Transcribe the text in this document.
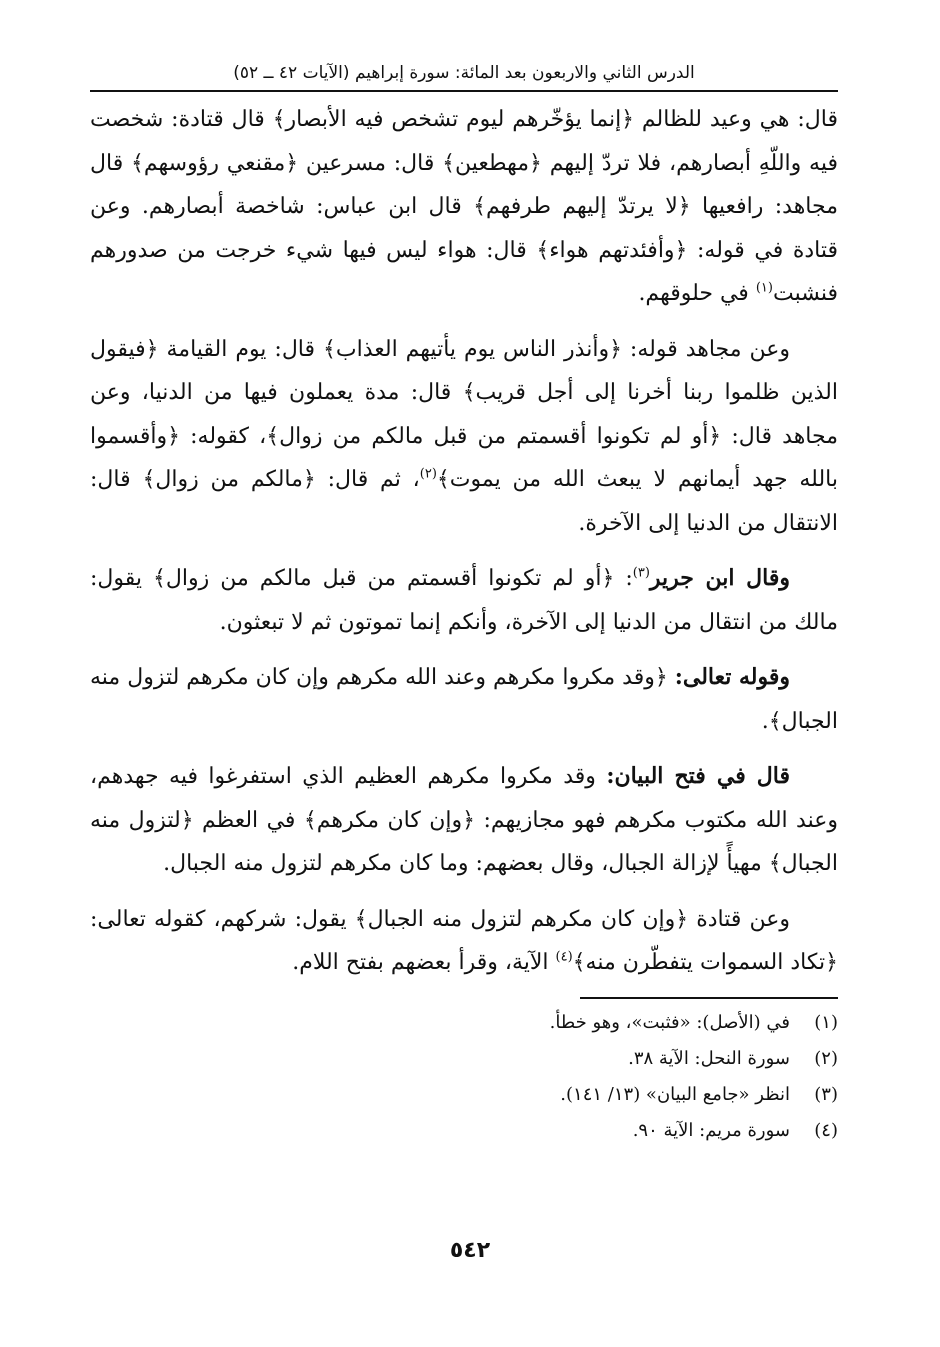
الدرس الثاني والاربعون بعد المائة: سورة إبراهيم (الآيات ٤٢ ــ ٥٢)

قال: هي وعيد للظالم ﴿إنما يؤخّرهم ليوم تشخص فيه الأبصار﴾ قال قتادة: شخصت فيه واللّهِ أبصارهم، فلا تردّ إليهم ﴿مهطعين﴾ قال: مسرعين ﴿مقنعي رؤوسهم﴾ قال مجاهد: رافعيها ﴿لا يرتدّ إليهم طرفهم﴾ قال ابن عباس: شاخصة أبصارهم. وعن قتادة في قوله: ﴿وأفئدتهم هواء﴾ قال: هواء ليس فيها شيء خرجت من صدورهم فنشبت$^{(١)}$ في حلوقهم.

وعن مجاهد قوله: ﴿وأنذر الناس يوم يأتيهم العذاب﴾ قال: يوم القيامة ﴿فيقول الذين ظلموا ربنا أخرنا إلى أجل قريب﴾ قال: مدة يعملون فيها من الدنيا، وعن مجاهد قال: ﴿أو لم تكونوا أقسمتم من قبل مالكم من زوال﴾، كقوله: ﴿وأقسموا بالله جهد أيمانهم لا يبعث الله من يموت﴾$^{(٢)}$، ثم قال: ﴿مالكم من زوال﴾ قال: الانتقال من الدنيا إلى الآخرة.

وقال ابن جرير$^{(٣)}$: ﴿أو لم تكونوا أقسمتم من قبل مالكم من زوال﴾ يقول: مالك من انتقال من الدنيا إلى الآخرة، وأنكم إنما تموتون ثم لا تبعثون.

وقوله تعالى: ﴿وقد مكروا مكرهم وعند الله مكرهم وإن كان مكرهم لتزول منه الجبال﴾.

قال في فتح البيان: وقد مكروا مكرهم العظيم الذي استفرغوا فيه جهدهم، وعند الله مكتوب مكرهم فهو مجازيهم: ﴿وإن كان مكرهم﴾ في العظم ﴿لتزول منه الجبال﴾ مهيأً لإزالة الجبال، وقال بعضهم: وما كان مكرهم لتزول منه الجبال.

وعن قتادة ﴿وإن كان مكرهم لتزول منه الجبال﴾ يقول: شركهم، كقوله تعالى: ﴿تكاد السموات يتفطّرن منه﴾$^{(٤)}$ الآية، وقرأ بعضهم بفتح اللام.

(١)
في (الأصل): «فثبت»، وهو خطأ.
(٢)
سورة النحل: الآية ٣٨.
(٣)
انظر «جامع البيان» (١٣/ ١٤١).
(٤)
سورة مريم: الآية ٩٠.
٥٤٢
